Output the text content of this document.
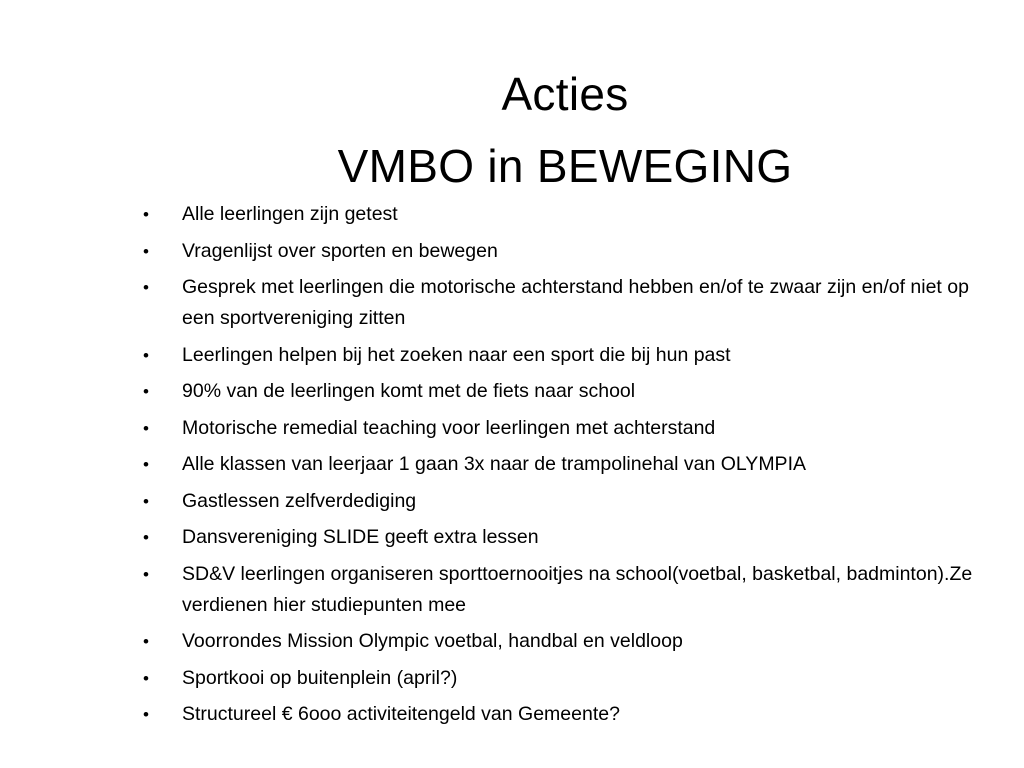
Acties
VMBO in BEWEGING
• Alle leerlingen zijn getest
• Vragenlijst over sporten en bewegen
• Gesprek met leerlingen die motorische achterstand hebben en/of te zwaar zijn en/of niet op een sportvereniging zitten
• Leerlingen helpen bij het zoeken naar een sport die bij hun past
• 90% van de leerlingen komt met de fiets naar school
• Motorische remedial teaching voor leerlingen met achterstand
• Alle klassen van leerjaar 1 gaan 3x naar de trampolinehal van OLYMPIA
• Gastlessen zelfverdediging
• Dansvereniging SLIDE geeft extra lessen
• SD&V leerlingen organiseren sporttoernooitjes na school(voetbal, basketbal, badminton).Ze verdienen hier studiepunten mee
• Voorrondes Mission Olympic voetbal, handbal en veldloop
• Sportkooi op buitenplein (april?)
• Structureel € 6ooo activiteitengeld van Gemeente?
